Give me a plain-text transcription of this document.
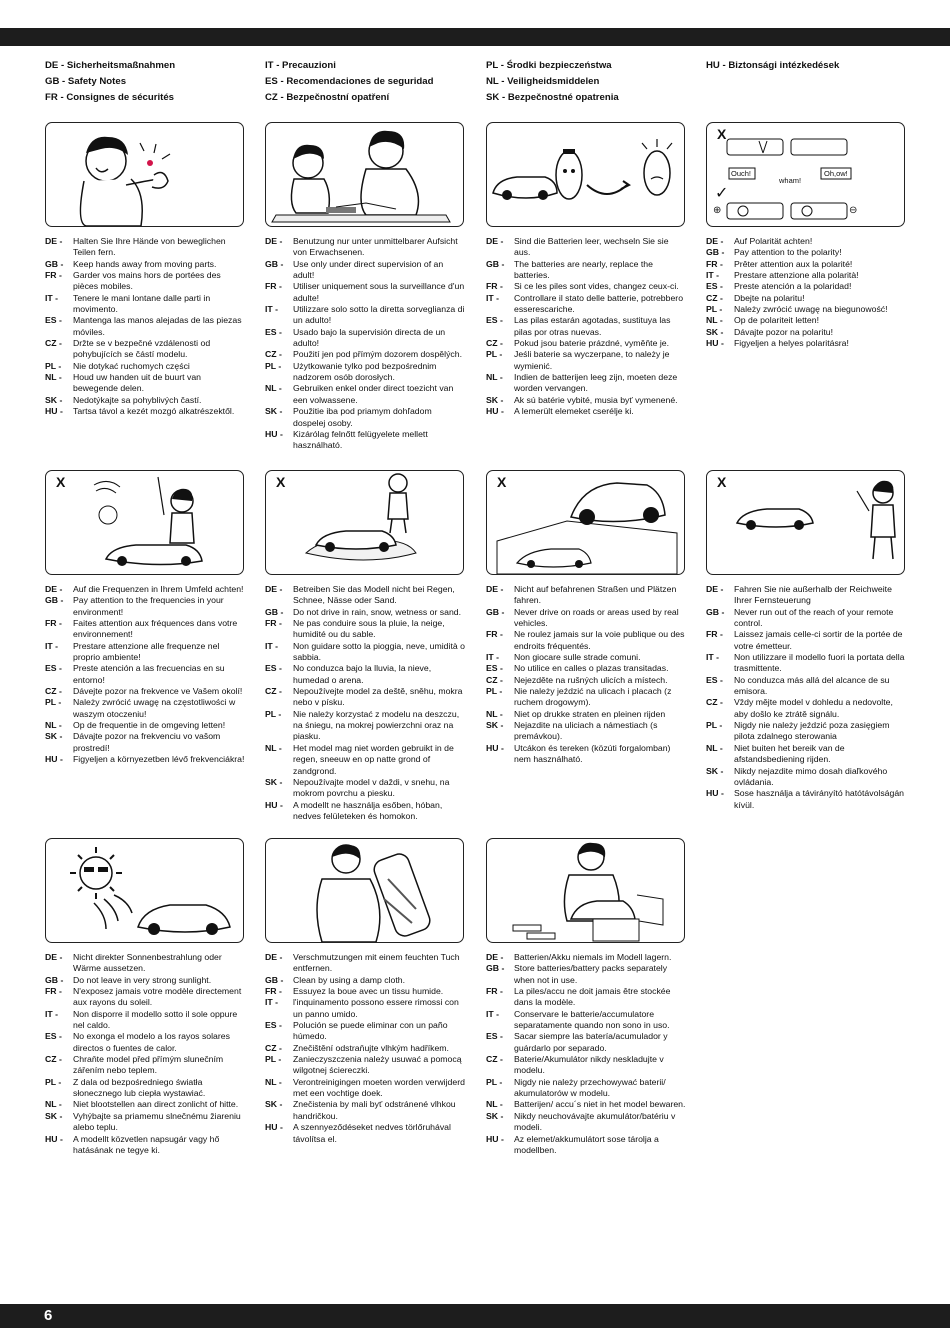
DE - Sicherheitsmaßnahmen
GB - Safety Notes
FR - Consignes de sécurités
IT - Precauzioni
ES - Recomendaciones de seguridad
CZ - Bezpečnostní opatření
PL - Środki bezpieczeństwa
NL - Veiligheidsmiddelen
SK - Bezpečnostné opatrenia
HU - Biztonsági intézkedések
X
Ouch!
wham!
Oh,ow!
✓
⊕	⊖
DE -	Halten Sie Ihre Hände von beweglichen Teilen fern.
GB -	Keep hands away from moving parts.
FR -	Garder vos mains hors de portées des pièces mobiles.
IT -	Tenere le mani lontane dalle parti in movimento.
ES -	Mantenga las manos alejadas de las piezas móviles.
CZ -	Držte se v bezpečné vzdálenosti od pohybujících se částí modelu.
PL -	Nie dotykać ruchomych części
NL -	Houd uw handen uit de buurt van bewegende delen.
SK -	Nedotýkajte sa pohyblivých častí.
HU -	Tartsa távol a kezét mozgó alkatrészektől.
DE -	Benutzung nur unter unmittelbarer Aufsicht von Erwachsenen.
GB -	Use only under direct supervision of an adult!
FR -	Utiliser uniquement sous la surveillance d'un adulte!
IT -	Utilizzare solo sotto la diretta sorveglianza di un adulto!
ES -	Usado bajo la supervisión directa de un adulto!
CZ -	Použití jen pod přímým dozorem dospělých.
PL -	Użytkowanie tylko pod bezpośrednim nadzorem osób dorosłych.
NL -	Gebruiken enkel onder direct toezicht van een volwassene.
SK -	Použitie iba pod priamym dohľadom dospelej osoby.
HU -	Kizárólag felnőtt felügyelete mellett használható.
DE -	Sind die Batterien leer, wechseln Sie sie aus.
GB -	The batteries are nearly, replace the batteries.
FR -	Si ce les piles sont vides, changez ceux-ci.
IT -	Controllare il stato delle batterie, potrebbero esserescariche.
ES -	Las pilas estarán agotadas, sustituya las pilas por otras nuevas.
CZ -	Pokud jsou baterie prázdné, vyměňte je.
PL -	Jeśli baterie sa wyczerpane, to należy je wymienić.
NL -	Indien de batterijen leeg zijn, moeten deze worden vervangen.
SK -	Ak sú batérie vybité, musia byť vymenené.
HU -	A lemerült elemeket cserélje ki.
DE -	Auf Polarität achten!
GB -	Pay attention to the polarity!
FR -	Prêter attention aux la polarité!
IT -	Prestare attenzione alla polarità!
ES -	Preste atención a la polaridad!
CZ -	Dbejte na polaritu!
PL -	Należy zwrócić uwagę na biegunowość!
NL -	Op de polariteit letten!
SK -	Dávajte pozor na polaritu!
HU -	Figyeljen a helyes polaritásra!
X	X	X	X
DE -	Auf die Frequenzen in Ihrem Umfeld achten!
GB -	Pay attention to the frequencies in your environment!
FR -	Faites attention aux fréquences dans votre environnement!
IT -	Prestare attenzione alle frequenze nel proprio ambiente!
ES -	Preste atención a las frecuencias en su entorno!
CZ -	Dávejte pozor na frekvence ve Vašem okolí!
PL -	Należy zwrócić uwagę na częstotliwości w waszym otoczeniu!
NL -	Op de frequentie in de omgeving letten!
SK -	Dávajte pozor na frekvenciu vo vašom prostredí!
HU -	Figyeljen a környezetben lévő frekvenciákra!
DE -	Betreiben Sie das Modell nicht bei Regen, Schnee, Nässe oder Sand.
GB -	Do not drive in rain, snow, wetness or sand.
FR -	Ne pas conduire sous la pluie, la neige, humidité ou du sable.
IT -	Non guidare sotto la pioggia, neve, umidità o sabbia.
ES -	No conduzca bajo la lluvia, la nieve, humedad o arena.
CZ -	Nepoužívejte model za deště, sněhu, mokra nebo v písku.
PL -	Nie należy korzystać z modelu na deszczu, na śniegu, na mokrej powierzchni oraz na piasku.
NL -	Het model mag niet worden gebruikt in de regen, sneeuw en op natte grond of zandgrond.
SK -	Nepoužívajte model v daždi, v snehu, na mokrom povrchu a piesku.
HU -	A modellt ne használja esőben, hóban, nedves felületeken és homokon.
DE -	Nicht auf befahrenen Straßen und Plätzen fahren.
GB -	Never drive on roads or areas used by real vehicles.
FR -	Ne roulez jamais sur la voie publique ou des endroits fréquentés.
IT -	Non giocare sulle strade comuni.
ES -	No utilice en calles o plazas transitadas.
CZ -	Nejezděte na rušných ulicích a místech.
PL -	Nie należy jeździć na ulicach i placach (z ruchem drogowym).
NL -	Niet op drukke straten en pleinen rijden
SK -	Nejazdite na uliciach a námestiach (s premávkou).
HU -	Utcákon és tereken (közúti forgalomban) nem használható.
DE -	Fahren Sie nie außerhalb der Reichweite Ihrer Fernsteuerung
GB -	Never run out of the reach of your remote control.
FR -	Laissez jamais celle-ci sortir de la portée de votre émetteur.
IT -	Non utilizzare il modello fuori la portata della trasmittente.
ES -	No conduzca más allá del alcance de su emisora.
CZ -	Vždy mějte model v dohledu a nedovolte, aby došlo ke ztrátě signálu.
PL -	Nigdy nie należy jeździć poza zasięgiem pilota zdalnego sterowania
NL -	Niet buiten het bereik van de afstandsbediening rijden.
SK -	Nikdy nejazdite mimo dosah diaľkového ovládania.
HU -	Sose használja a távirányító hatótávolságán kívül.
DE -	Nicht direkter Sonnenbestrahlung oder Wärme aussetzen.
GB -	Do not leave in very strong sunlight.
FR -	N'exposez jamais votre modèle directement aux rayons du soleil.
IT -	Non disporre il modello sotto il sole oppure nel caldo.
ES -	No exonga el modelo a los rayos solares directos o fuentes de calor.
CZ -	Chraňte model před přímým slunečním zářením nebo teplem.
PL -	Z dala od bezpośredniego światła słonecznego lub ciepła wystawiać.
NL -	Niet blootstellen aan direct zonlicht of hitte.
SK -	Vyhýbajte sa priamemu slnečnému žiareniu alebo teplu.
HU -	A modellt közvetlen napsugár vagy hő hatásának ne tegye ki.
DE -	Verschmutzungen mit einem feuchten Tuch entfernen.
GB -	Clean by using a damp cloth.
FR -	Essuyez la boue avec un tissu humide.
IT -	l'inquinamento possono essere rimossi con un panno umido.
ES -	Polución se puede eliminar con un paño húmedo.
CZ -	Znečištění odstraňujte vlhkým hadříkem.
PL -	Zanieczyszczenia należy usuwać a pomocą wilgotnej ściereczki.
NL -	Verontreinigingen moeten worden verwijderd met een vochtige doek.
SK -	Znečistenia by mali byť odstránené vlhkou handričkou.
HU -	A szennyeződéseket nedves törlőruhával távolítsa el.
DE -	Batterien/Akku niemals im Modell lagern.
GB -	Store batteries/battery packs separately when not in use.
FR -	La piles/accu ne doit jamais être stockée dans la modèle.
IT -	Conservare le batterie/accumulatore separatamente quando non sono in uso.
ES -	Sacar siempre las batería/acumulador y guárdarlo por separado.
CZ -	Baterie/Akumulátor nikdy neskladujte v modelu.
PL -	Nigdy nie należy przechowywać baterii/ akumulatorów w modelu.
NL -	Batterijen/ accu´s niet in het model bewaren.
SK -	Nikdy neuchovávajte akumulátor/batériu v modeli.
HU -	Az elemet/akkumulátort sose tárolja a modellben.
6
